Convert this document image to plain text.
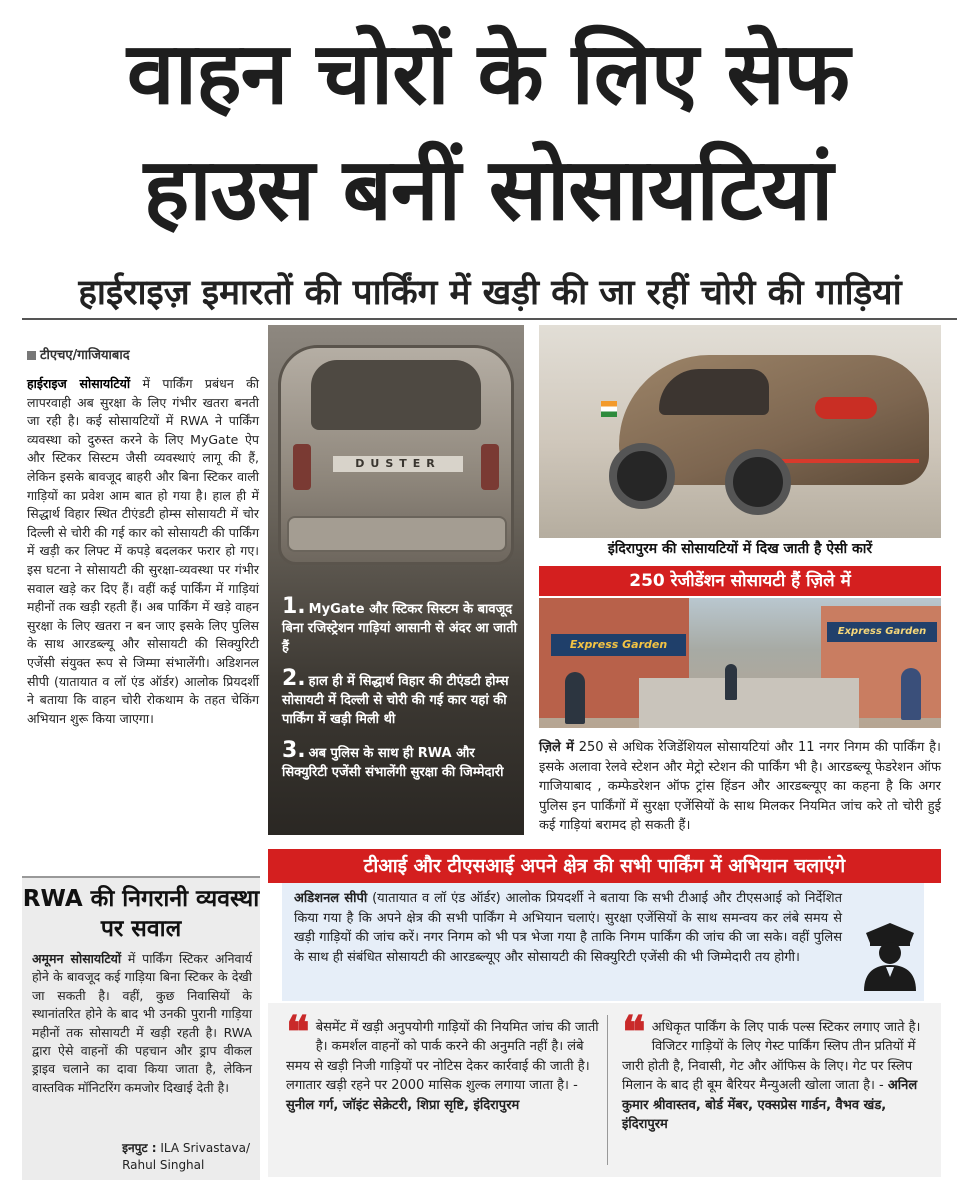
वाहन चोरों के लिए सेफ
हाउस बनीं सोसायटियां
हाईराइज़ इमारतों की पार्किंग में खड़ी की जा रहीं चोरी की गाड़ियां
टीएचए/गाजियाबाद
हाईराइज सोसायटियों में पार्किंग प्रबंधन की लापरवाही अब सुरक्षा के लिए गंभीर खतरा बनती जा रही है। कई सोसायटियों में RWA ने पार्किंग व्यवस्था को दुरुस्त करने के लिए MyGate ऐप और स्टिकर सिस्टम जैसी व्यवस्थाएं लागू की हैं, लेकिन इसके बावजूद बाहरी और बिना स्टिकर वाली गाड़ियों का प्रवेश आम बात हो गया है। हाल ही में सिद्धार्थ विहार स्थित टीएंडटी होम्स सोसायटी में चोर दिल्ली से चोरी की गई कार को सोसायटी की पार्किंग में खड़ी कर लिफ्ट में कपड़े बदलकर फरार हो गए। इस घटना ने सोसायटी की सुरक्षा-व्यवस्था पर गंभीर सवाल खड़े कर दिए हैं। वहीं कई पार्किंग में गाड़ियां महीनों तक खड़ी रहती हैं। अब पार्किंग में खड़े वाहन सुरक्षा के लिए खतरा न बन जाए इसके लिए पुलिस के साथ आरडब्ल्यू और सोसायटी की सिक्युरिटी एजेंसी संयुक्त रूप से जिम्मा संभालेंगी। अडिशनल सीपी (यातायात व लॉ एंड ऑर्डर) आलोक प्रियदर्शी ने बताया कि वाहन चोरी रोकथाम के तहत चेकिंग अभियान शुरू किया जाएगा।
RWA की निगरानी व्यवस्था पर सवाल
अमूमन सोसायटियों में पार्किंग स्टिकर अनिवार्य होने के बावजूद कई गाड़िया बिना स्टिकर के देखी जा सकती है। वहीं, कुछ निवासियों के स्थानांतरित होने के बाद भी उनकी पुरानी गाड़िया महीनों तक सोसायटी में खड़ी रहती है। RWA द्वारा ऐसे वाहनों की पहचान और ड्राप वीकल ड्राइव चलाने का दावा किया जाता है, लेकिन वास्तविक मॉनिटरिंग कमजोर दिखाई देती है।
इनपुट : ILA Srivastava/
Rahul Singhal
DUSTER
1. MyGate और स्टिकर सिस्टम के बावजूद बिना रजिस्ट्रेशन गाड़ियां आसानी से अंदर आ जाती हैं
2. हाल ही में सिद्धार्थ विहार की टीएंडटी होम्स सोसायटी में दिल्ली से चोरी की गई कार यहां की पार्किंग में खड़ी मिली थी
3. अब पुलिस के साथ ही RWA और सिक्युरिटी एजेंसी संभालेंगी सुरक्षा की जिम्मेदारी
इंदिरापुरम की सोसायटियों में दिख जाती है ऐसी कारें
250 रेजीडेंशन सोसायटी हैं ज़िले में
Express Garden
Express Garden
ज़िले में 250 से अधिक रेजिडेंशियल सोसायटियां और 11 नगर निगम की पार्किंग है। इसके अलावा रेलवे स्टेशन और मेट्रो स्टेशन की पार्किंग भी है। आरडब्ल्यू फेडरेशन ऑफ गाजियाबाद , कम्फेडरेशन ऑफ ट्रांस हिंडन और आरडब्ल्यूए का कहना है कि अगर पुलिस इन पार्किंगों में सुरक्षा एजेंसियों के साथ मिलकर नियमित जांच करे तो चोरी हुई कई गाड़ियां बरामद हो सकती हैं।
टीआई और टीएसआई अपने क्षेत्र की सभी पार्किंग में अभियान चलाएंगे
अडिशनल सीपी (यातायात व लॉ एंड ऑर्डर) आलोक प्रियदर्शी ने बताया कि सभी टीआई और टीएसआई को निर्देशित किया गया है कि अपने क्षेत्र की सभी पार्किंग मे अभियान चलाएं। सुरक्षा एजेंसियों के साथ समन्वय कर लंबे समय से खड़ी गाड़ियों की जांच करें। नगर निगम को भी पत्र भेजा गया है ताकि निगम पार्किंग की जांच की जा सके। वहीं पुलिस के साथ ही संबंधित सोसायटी की आरडब्ल्यूए और सोसायटी की सिक्युरिटी एजेंसी की भी जिम्मेदारी तय होगी।
❝ बेसमेंट में खड़ी अनुपयोगी गाड़ियों की नियमित जांच की जाती है। कमर्शल वाहनों को पार्क करने की अनुमति नहीं है। लंबे समय से खड़ी निजी गाड़ियों पर नोटिस देकर कार्रवाई की जाती है। लगातार खड़ी रहने पर 2000 मासिक शुल्क लगाया जाता है। - सुनील गर्ग, जॉइंट सेक्रेटरी, शिप्रा सृष्टि, इंदिरापुरम
❝ अधिकृत पार्किंग के लिए पार्क पल्स स्टिकर लगाए जाते है। विजिटर गाड़ियों के लिए गेस्ट पार्किंग स्लिप तीन प्रतियों में जारी होती है, निवासी, गेट और ऑफिस के लिए। गेट पर स्लिप मिलान के बाद ही बूम बैरियर मैन्युअली खोला जाता है। - अनिल कुमार श्रीवास्तव, बोर्ड मेंबर, एक्सप्रेस गार्डन, वैभव खंड, इंदिरापुरम
